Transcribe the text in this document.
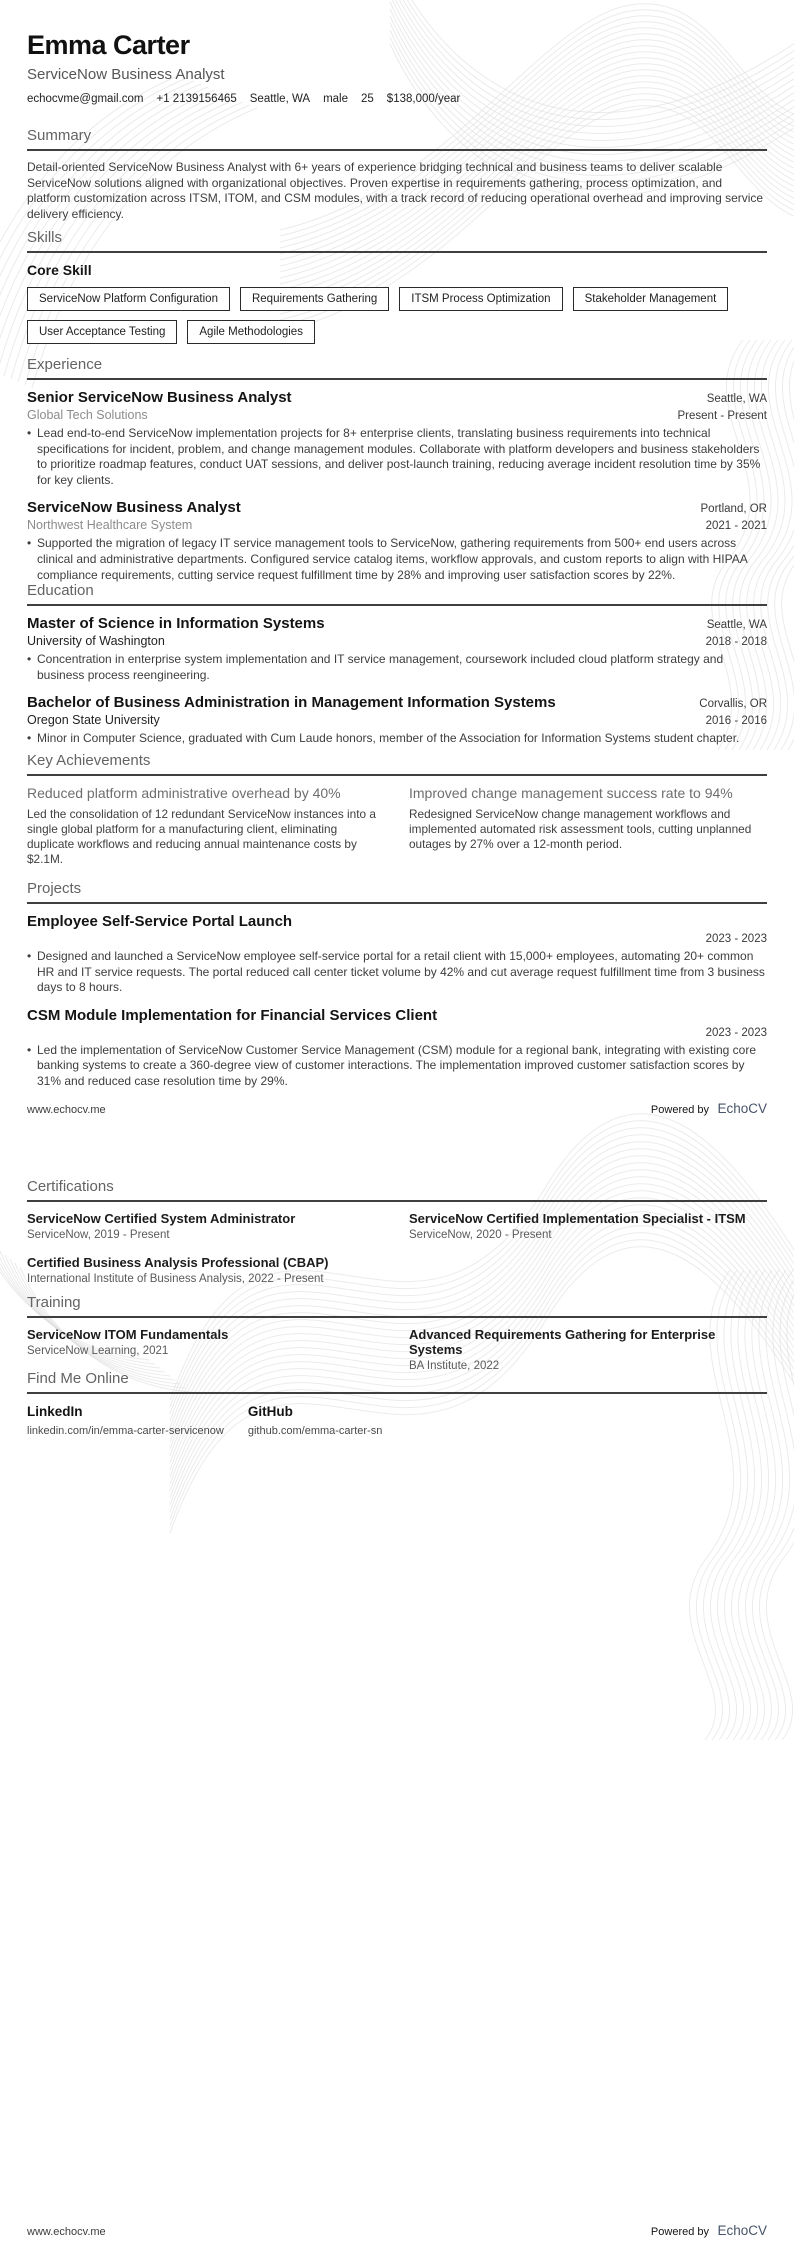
Emma Carter
ServiceNow Business Analyst
echocvme@gmail.com +1 2139156465 Seattle, WA male 25 $138,000/year
Summary

Detail-oriented ServiceNow Business Analyst with 6+ years of experience bridging technical and business teams to deliver scalable ServiceNow solutions aligned with organizational objectives. Proven expertise in requirements gathering, process optimization, and platform customization across ITSM, ITOM, and CSM modules, with a track record of reducing operational overhead and improving service delivery efficiency.

Skills
Core Skill
ServiceNow Platform Configuration	Requirements Gathering	ITSM Process Optimization	Stakeholder Management
User Acceptance Testing	Agile Methodologies
Experience
Senior ServiceNow Business Analyst	Seattle, WA
Global Tech Solutions	Present - Present
• Lead end-to-end ServiceNow implementation projects for 8+ enterprise clients, translating business requirements into technical specifications for incident, problem, and change management modules. Collaborate with platform developers and business stakeholders to prioritize roadmap features, conduct UAT sessions, and deliver post-launch training, reducing average incident resolution time by 35% for key clients.
ServiceNow Business Analyst	Portland, OR
Northwest Healthcare System	2021 - 2021
• Supported the migration of legacy IT service management tools to ServiceNow, gathering requirements from 500+ end users across clinical and administrative departments. Configured service catalog items, workflow approvals, and custom reports to align with HIPAA compliance requirements, cutting service request fulfillment time by 28% and improving user satisfaction scores by 22%.
Education
Master of Science in Information Systems	Seattle, WA
University of Washington	2018 - 2018
• Concentration in enterprise system implementation and IT service management, coursework included cloud platform strategy and business process reengineering.
Bachelor of Business Administration in Management Information Systems	Corvallis, OR
Oregon State University	2016 - 2016
• Minor in Computer Science, graduated with Cum Laude honors, member of the Association for Information Systems student chapter.
Key Achievements
Reduced platform administrative overhead by 40%
Led the consolidation of 12 redundant ServiceNow instances into a single global platform for a manufacturing client, eliminating duplicate workflows and reducing annual maintenance costs by $2.1M.
Improved change management success rate to 94%
Redesigned ServiceNow change management workflows and implemented automated risk assessment tools, cutting unplanned outages by 27% over a 12-month period.
Projects
Employee Self-Service Portal Launch
2023 - 2023
• Designed and launched a ServiceNow employee self-service portal for a retail client with 15,000+ employees, automating 20+ common HR and IT service requests. The portal reduced call center ticket volume by 42% and cut average request fulfillment time from 3 business days to 8 hours.
CSM Module Implementation for Financial Services Client
2023 - 2023
• Led the implementation of ServiceNow Customer Service Management (CSM) module for a regional bank, integrating with existing core banking systems to create a 360-degree view of customer interactions. The implementation improved customer satisfaction scores by 31% and reduced case resolution time by 29%.
www.echocv.me	Powered by EchoCV
Certifications
ServiceNow Certified System Administrator
ServiceNow, 2019 - Present
ServiceNow Certified Implementation Specialist - ITSM
ServiceNow, 2020 - Present
Certified Business Analysis Professional (CBAP)
International Institute of Business Analysis, 2022 - Present
Training
ServiceNow ITOM Fundamentals
ServiceNow Learning, 2021
Advanced Requirements Gathering for Enterprise Systems
BA Institute, 2022
Find Me Online
LinkedIn
linkedin.com/in/emma-carter-servicenow
GitHub
github.com/emma-carter-sn
www.echocv.me	Powered by EchoCV
